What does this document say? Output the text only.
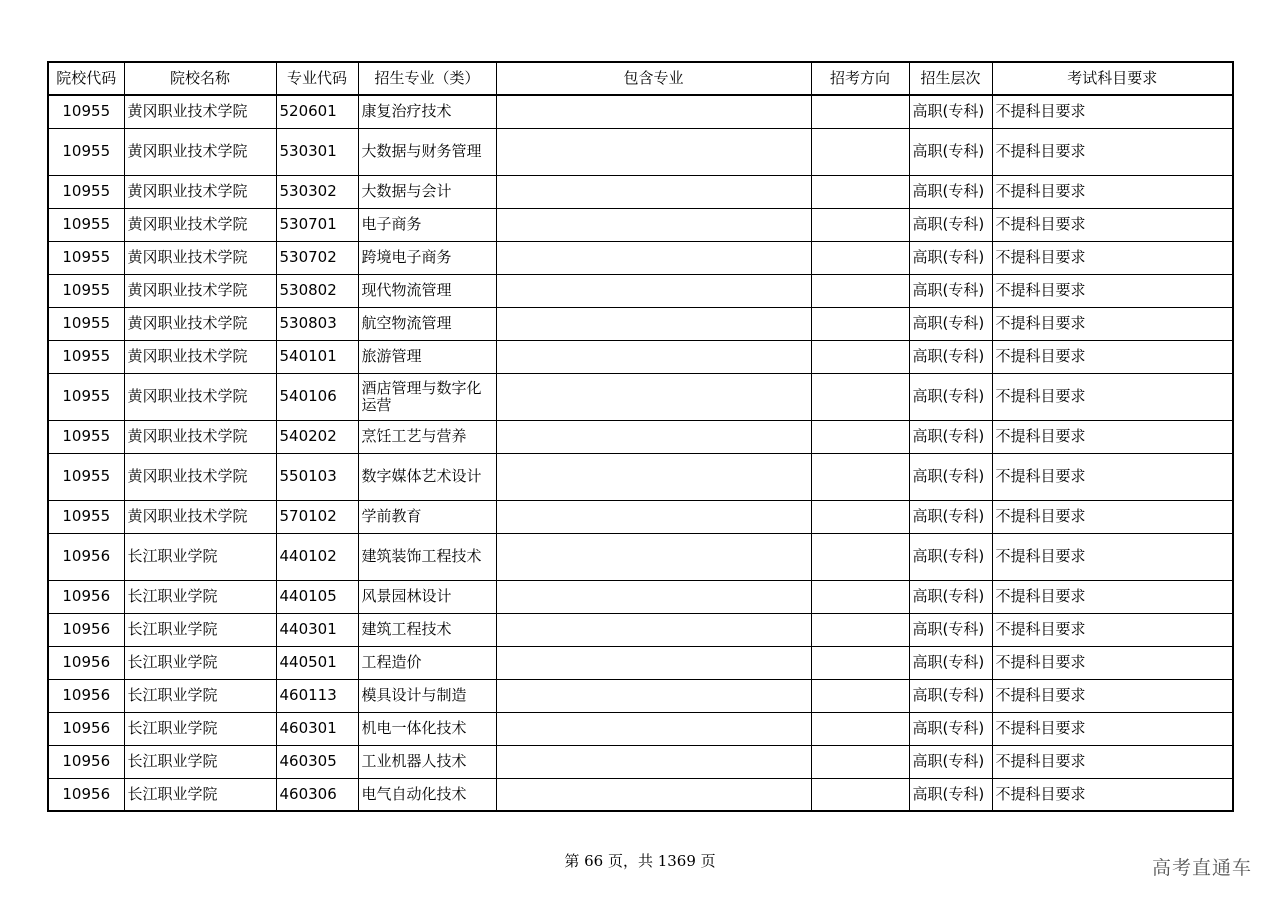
院校代码	院校名称	专业代码	招生专业（类）	包含专业	招考方向	招生层次	考试科目要求
10955	黄冈职业技术学院	520601	康复治疗技术			高职(专科)	不提科目要求
10955	黄冈职业技术学院	530301	大数据与财务管理			高职(专科)	不提科目要求
10955	黄冈职业技术学院	530302	大数据与会计			高职(专科)	不提科目要求
10955	黄冈职业技术学院	530701	电子商务			高职(专科)	不提科目要求
10955	黄冈职业技术学院	530702	跨境电子商务			高职(专科)	不提科目要求
10955	黄冈职业技术学院	530802	现代物流管理			高职(专科)	不提科目要求
10955	黄冈职业技术学院	530803	航空物流管理			高职(专科)	不提科目要求
10955	黄冈职业技术学院	540101	旅游管理			高职(专科)	不提科目要求
10955	黄冈职业技术学院	540106	酒店管理与数字化运营			高职(专科)	不提科目要求
10955	黄冈职业技术学院	540202	烹饪工艺与营养			高职(专科)	不提科目要求
10955	黄冈职业技术学院	550103	数字媒体艺术设计			高职(专科)	不提科目要求
10955	黄冈职业技术学院	570102	学前教育			高职(专科)	不提科目要求
10956	长江职业学院	440102	建筑装饰工程技术			高职(专科)	不提科目要求
10956	长江职业学院	440105	风景园林设计			高职(专科)	不提科目要求
10956	长江职业学院	440301	建筑工程技术			高职(专科)	不提科目要求
10956	长江职业学院	440501	工程造价			高职(专科)	不提科目要求
10956	长江职业学院	460113	模具设计与制造			高职(专科)	不提科目要求
10956	长江职业学院	460301	机电一体化技术			高职(专科)	不提科目要求
10956	长江职业学院	460305	工业机器人技术			高职(专科)	不提科目要求
10956	长江职业学院	460306	电气自动化技术			高职(专科)	不提科目要求
第 66 页，共 1369 页	高考直通车
